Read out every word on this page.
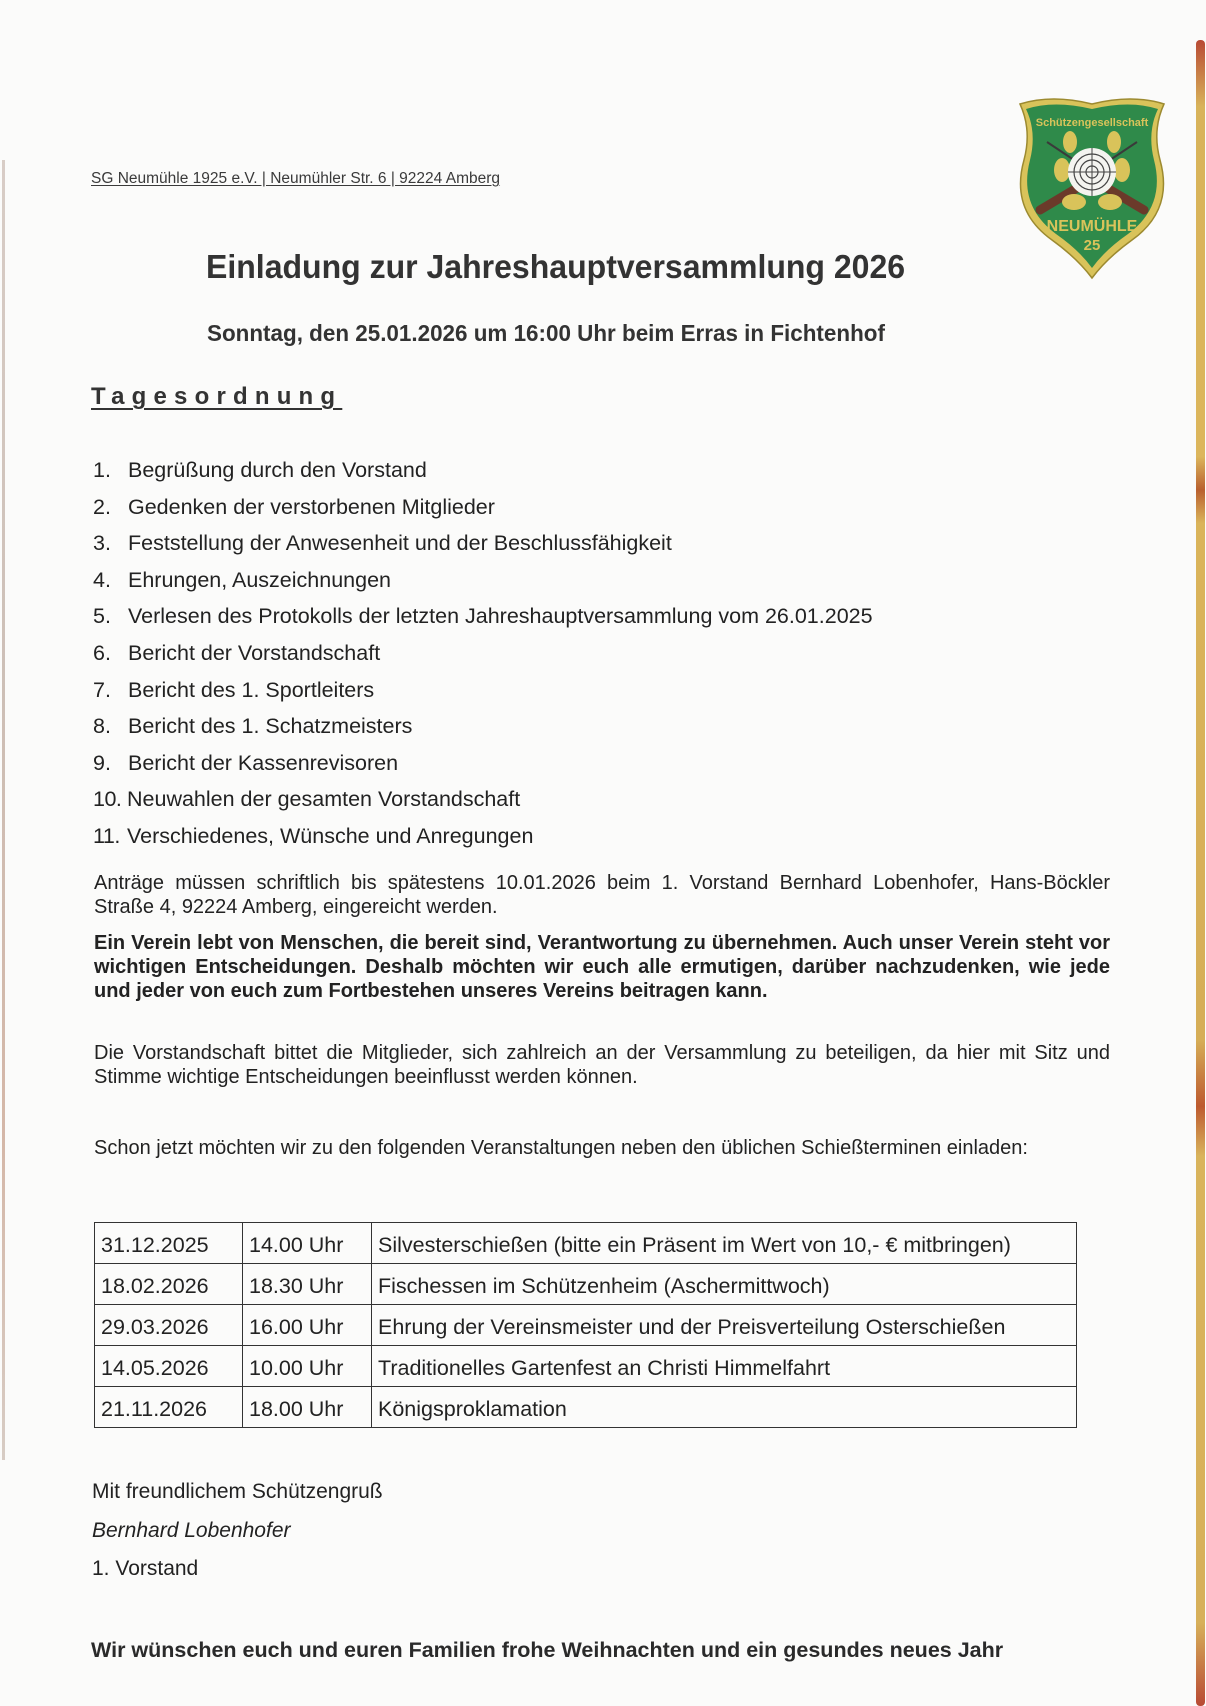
SG Neumühle 1925 e.V. | Neumühler Str. 6 | 92224 Amberg
Schützengesellschaft
NEUMÜHLE
25
Einladung zur Jahreshauptversammlung 2026
Sonntag, den 25.01.2026 um 16:00 Uhr beim Erras in Fichtenhof
Tagesordnung
1. Begrüßung durch den Vorstand
2. Gedenken der verstorbenen Mitglieder
3. Feststellung der Anwesenheit und der Beschlussfähigkeit
4. Ehrungen, Auszeichnungen
5. Verlesen des Protokolls der letzten Jahreshauptversammlung vom 26.01.2025
6. Bericht der Vorstandschaft
7. Bericht des 1. Sportleiters
8. Bericht des 1. Schatzmeisters
9. Bericht der Kassenrevisoren
10. Neuwahlen der gesamten Vorstandschaft
11. Verschiedenes, Wünsche und Anregungen

Anträge müssen schriftlich bis spätestens 10.01.2026 beim 1. Vorstand Bernhard Lobenhofer, Hans-Böckler Straße 4, 92224 Amberg, eingereicht werden.

Ein Verein lebt von Menschen, die bereit sind, Verantwortung zu übernehmen. Auch unser Verein steht vor wichtigen Entscheidungen. Deshalb möchten wir euch alle ermutigen, darüber nachzudenken, wie jede und jeder von euch zum Fortbestehen unseres Vereins beitragen kann.

Die Vorstandschaft bittet die Mitglieder, sich zahlreich an der Versammlung zu beteiligen, da hier mit Sitz und Stimme wichtige Entscheidungen beeinflusst werden können.

Schon jetzt möchten wir zu den folgenden Veranstaltungen neben den üblichen Schießterminen einladen:

31.12.2025	14.00 Uhr	Silvesterschießen (bitte ein Präsent im Wert von 10,- € mitbringen)
18.02.2026	18.30 Uhr	Fischessen im Schützenheim (Aschermittwoch)
29.03.2026	16.00 Uhr	Ehrung der Vereinsmeister und der Preisverteilung Osterschießen
14.05.2026	10.00 Uhr	Traditionelles Gartenfest an Christi Himmelfahrt
21.11.2026	18.00 Uhr	Königsproklamation
Mit freundlichem Schützengruß
Bernhard Lobenhofer
1. Vorstand
Wir wünschen euch und euren Familien frohe Weihnachten und ein gesundes neues Jahr
